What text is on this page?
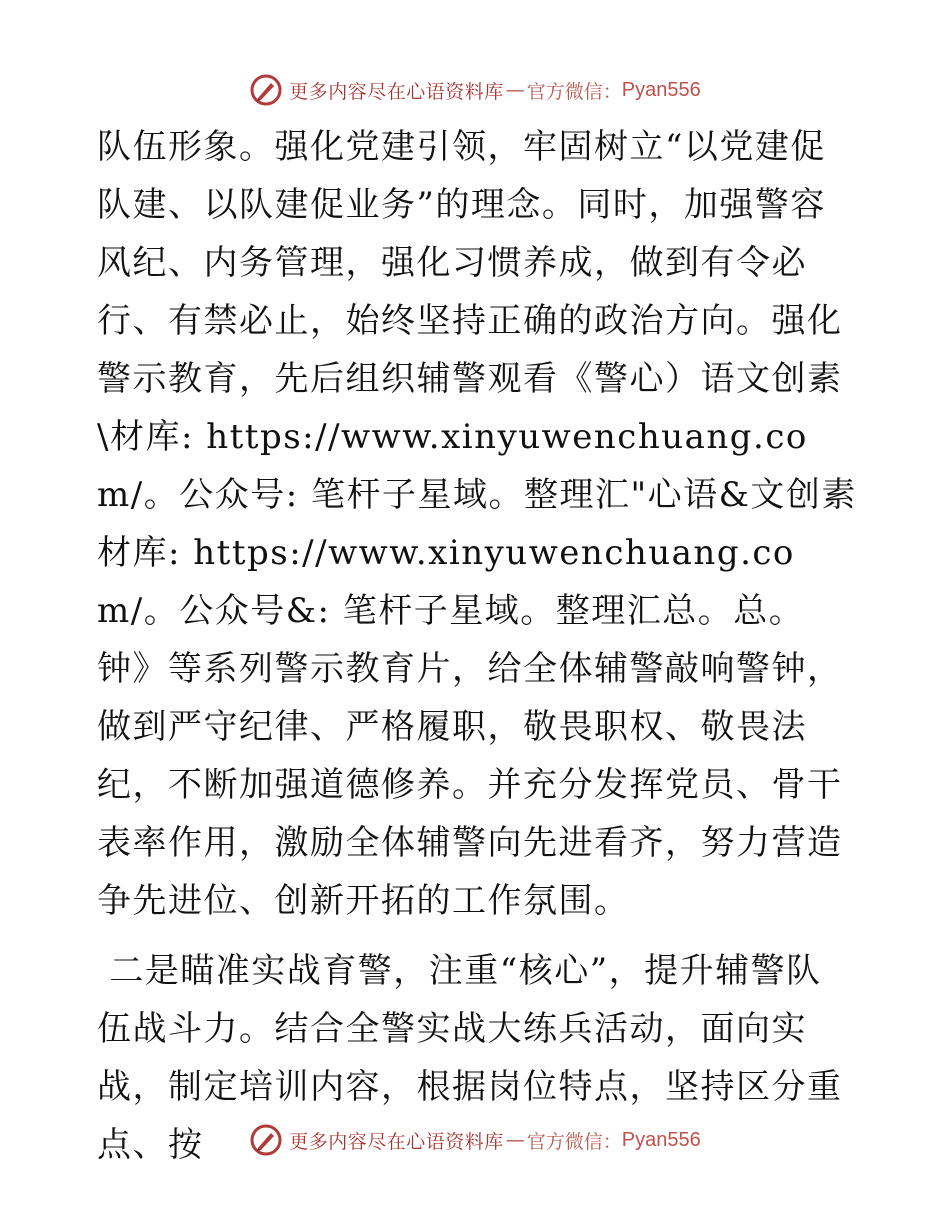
更多内容尽在心语资料库 — 官方微信： Pyan556

队伍形象。强化党建引领，牢固树立“以党建促队建、以队建促业务”的理念。同时，加强警容风纪、内务管理，强化习惯养成，做到有令必行、有禁必止，始终坚持正确的政治方向。强化警示教育，先后组织辅警观看《警心）语文创素\材库: https://www.xinyuwenchuang.com/。公众号: 笔杆子星域。整理汇"心语&文创素材库: https://www.xinyuwenchuang.com/。公众号&: 笔杆子星域。整理汇总。总。钟》等系列警示教育片，给全体辅警敲响警钟，做到严守纪律、严格履职，敬畏职权、敬畏法纪，不断加强道德修养。并充分发挥党员、骨干表率作用，激励全体辅警向先进看齐，努力营造争先进位、创新开拓的工作氛围。

二是瞄准实战育警，注重“核心”，提升辅警队伍战斗力。结合全警实战大练兵活动，面向实战，制定培训内容，根据岗位特点，坚持区分重点、按	更多内容尽在心语资料库 — 官方微信： Pyan556
